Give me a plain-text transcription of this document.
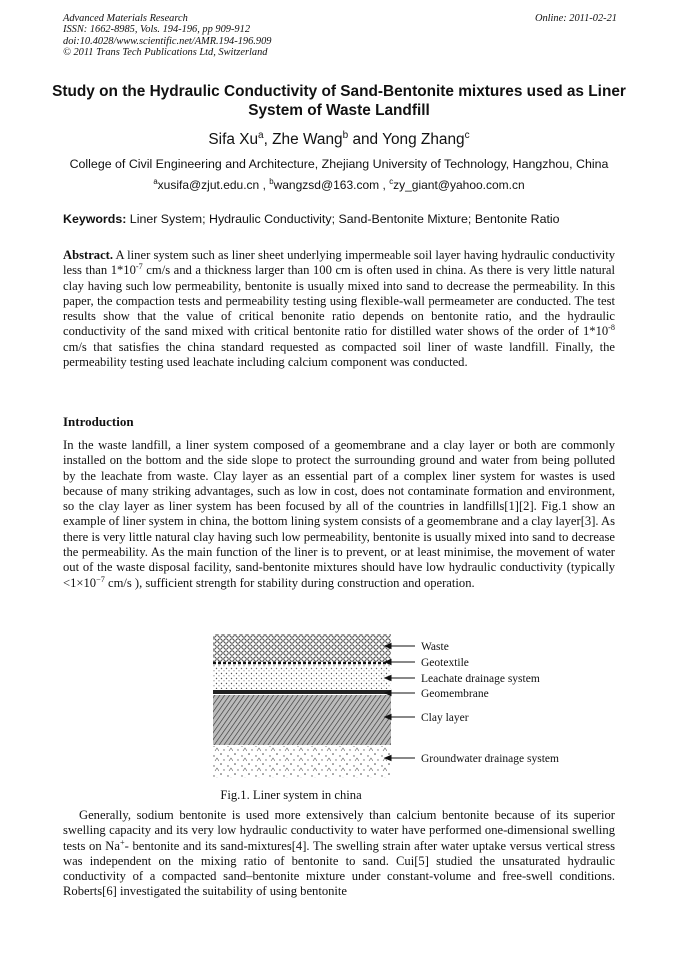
Advanced Materials Research
ISSN: 1662-8985, Vols. 194-196, pp 909-912
doi:10.4028/www.scientific.net/AMR.194-196.909
© 2011 Trans Tech Publications Ltd, Switzerland
Online: 2011-02-21
Study on the Hydraulic Conductivity of Sand-Bentonite mixtures used as Liner System of Waste Landfill
Sifa Xu$^a$, Zhe Wang$^b$ and Yong Zhang$^c$
College of Civil Engineering and Architecture, Zhejiang University of Technology, Hangzhou, China
$^a$xusifa@zjut.edu.cn , $^b$wangzsd@163.com , $^c$zy_giant@yahoo.com.cn
Keywords: Liner System; Hydraulic Conductivity; Sand-Bentonite Mixture; Bentonite Ratio
Abstract. A liner system such as liner sheet underlying impermeable soil layer having hydraulic conductivity less than $1*10^{-7}$ cm/s and a thickness larger than 100 cm is often used in china. As there is very little natural clay having such low permeability, bentonite is usually mixed into sand to decrease the permeability. In this paper, the compaction tests and permeability testing using flexible-wall permeameter are conducted. The test results show that the value of critical benonite ratio depends on bentonite ratio, and the hydraulic conductivity of the sand mixed with critical bentonite ratio for distilled water shows of the order of $1*10^{-8}$ cm/s that satisfies the china standard requested as compacted soil liner of waste landfill. Finally, the permeability testing used leachate including calcium component was conducted.
Introduction
In the waste landfill, a liner system composed of a geomembrane and a clay layer or both are commonly installed on the bottom and the side slope to protect the surrounding ground and water from being polluted by the leachate from waste. Clay layer as an essential part of a complex liner system for wastes is used because of many striking advantages, such as low in cost, does not contaminate formation and environment, so the clay layer as liner system has been focused by all of the countries in landfills[1][2]. Fig.1 show an example of liner system in china, the bottom lining system consists of a geomembrane and a clay layer[3]. As there is very little natural clay having such low permeability, bentonite is usually mixed into sand to decrease the permeability. As the main function of the liner is to prevent, or at least minimise, the movement of water out of the waste disposal facility, sand-bentonite mixtures should have low hydraulic conductivity (typically $<1\times 10^{-7}$ cm/s ), sufficient strength for stability during construction and operation.
Waste
Geotextile
Leachate drainage system
Geomembrane
Clay layer
Groundwater drainage system
Fig.1. Liner system in china
Generally, sodium bentonite is used more extensively than calcium bentonite because of its superior swelling capacity and its very low hydraulic conductivity to water have performed one-dimensional swelling tests on Na+- bentonite and its sand-mixtures[4]. The swelling strain after water uptake versus vertical stress was independent on the mixing ratio of bentonite to sand. Cui[5] studied the unsaturated hydraulic conductivity of a compacted sand–bentonite mixture under constant-volume and free-swell conditions. Roberts[6] investigated the suitability of using bentonite
